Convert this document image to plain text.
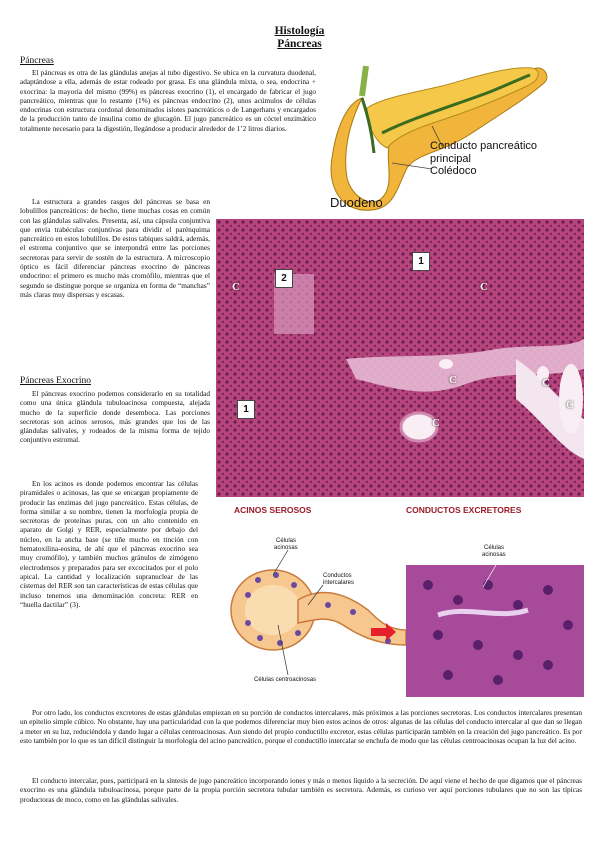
Histología
Páncreas
Páncreas
El páncreas es otra de las glándulas anejas al tubo digestivo. Se ubica en la curvatura duodenal, adaptándose a ella, además de estar rodeado por grasa. Es una glándula mixta, o sea, endocrina + exocrina: la mayoría del mismo (99%) es páncreas exocrino (1), el encargado de fabricar el jugo pancreático, mientras que lo restante (1%) es páncreas endocrino (2), unos acúmulos de células endocrinas con estructura cordonal denominados islotes pancreáticos o de Langerhans y encargados de la producción tanto de insulina como de glucagón. El jugo pancreático es un cóctel enzimático totalmente necesario para la digestión, llegándose a producir alrededor de 1’2 litros diarios.
La estructura a grandes rasgos del páncreas se basa en lobulillos pancreáticos: de hecho, tiene muchas cosas en común con las glándulas salivales. Presenta, así, una cápsula conjuntiva que envía trabéculas conjuntivas para dividir el parénquima pancreático en estos lobulillos. De estos tabiques saldrá, además, el estroma conjuntivo que se interpondrá entre las porciones secretoras para servir de sostén de la estructura. A microscopio óptico es fácil diferenciar páncreas exocrino de páncreas endocrino: el primero es mucho más cromófilo, mientras que el segundo se distingue porque se organiza en forma de “manchas” más claras muy dispersas y escasas.
Páncreas Exocrino
El páncreas exocrino podemos considerarlo en su totalidad como una única glándula tubuloacinosa compuesta, alejada mucho de la superficie donde desemboca. Las porciones secretoras son acinos serosos, más grandes que los de las glándulas salivales, y rodeados de la misma forma de tejido conjuntivo estromal.
En los acinos es donde podemos encontrar las células piramidales o acinosas, las que se encargan propiamente de producir las enzimas del jugo pancreático. Estas células, de forma similar a su nombre, tienen la morfología propia de secretoras de proteínas puras, con un alto contenido en aparato de Golgi y RER, especialmente por debajo del núcleo, en la ancha base (se tiñe mucho en tinción con hematoxilina-eosina, de ahí que el páncreas exocrino sea muy cromófilo), y también muchos gránulos de zimógeno electrodensos y preparados para ser excocitados por el polo apical. La cantidad y localización supranuclear de las cisternas del RER son tan características de estas células que incluso tenemos una denominación concreta: RER en “huella dactilar” (3).
Por otro lado, los conductos excretores de estas glándulas empiezan en su porción de conductos intercalares, más próximos a las porciones secretoras. Los conductos intercalares presentan un epitelio simple cúbico. No obstante, hay una particularidad con la que podemos diferenciar muy bien estos acinos de otros: algunas de las células del conducto intercalar al que dan se llegan a meter en su luz, reduciéndola y dando lugar a células centroacinosas. Aun siendo del propio conductillo excretor, estas células participarán también en la creación del jugo pancreático. Es por esto también por lo que es tan difícil distinguir la morfología del acino pancreático, porque el conductillo intercalar se enchufa de modo que las células centroacinosas ocupan la luz del acino.
El conducto intercalar, pues, participará en la síntesis de jugo pancreático incorporando iones y más o menos líquido a la secreción. De aquí viene el hecho de que digamos que el páncreas exocrino es una glándula tubuloacinosa, porque parte de la propia porción secretora tubular también es secretora. Además, es curioso ver aquí porciones tubulares que no son las típicas productoras de moco, como en las glándulas salivales.
Conducto pancreático
principal
Colédoco
Duodeno
1
2
1
C	C
C	C
C
C
ACINOS SEROSOS	CONDUCTOS EXCRETORES
Células
acinosas
Conductos
intercalares
Células centroacinosas
Células
acinosas
